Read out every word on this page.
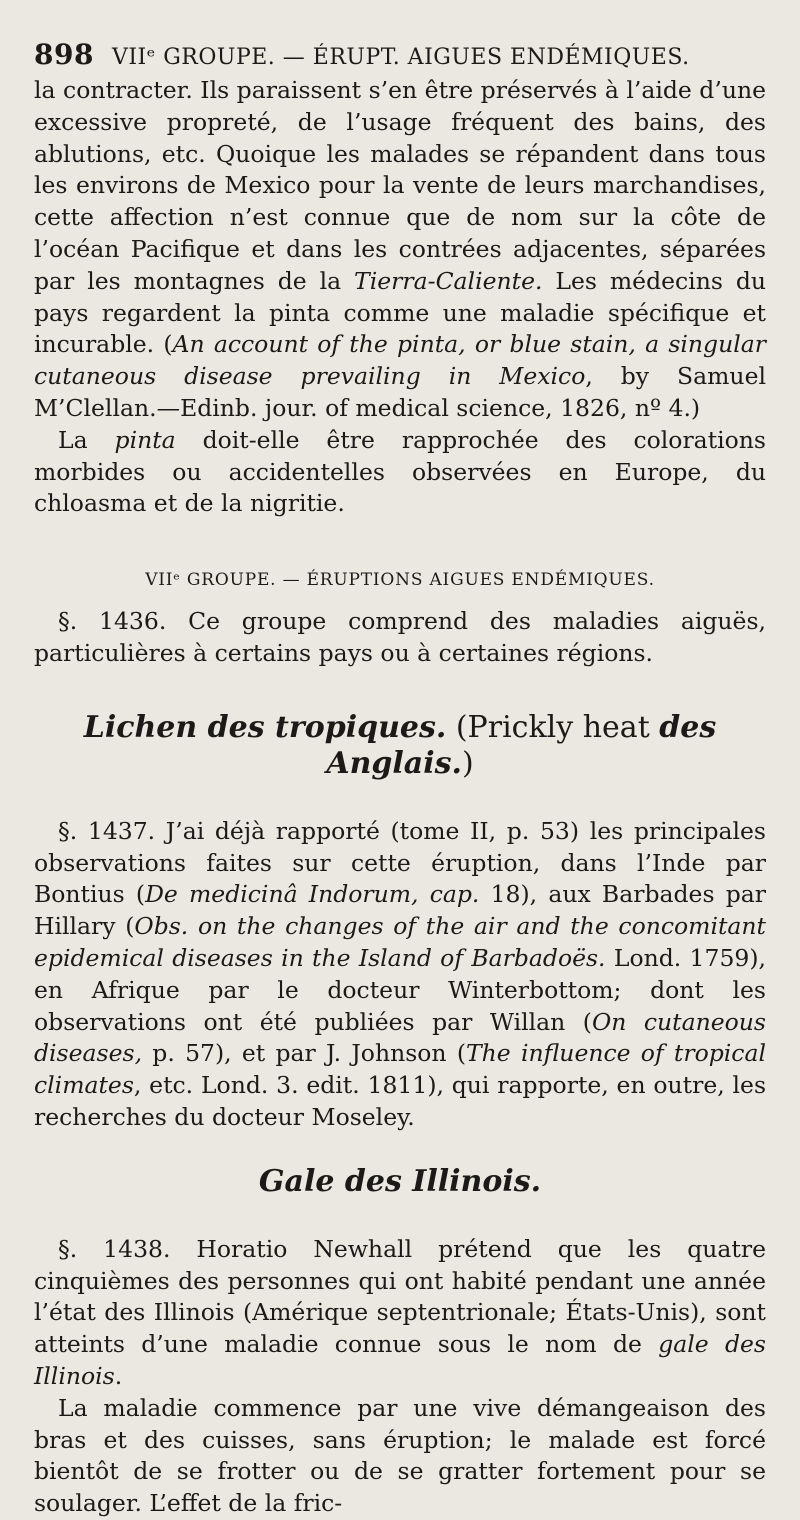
898 VIIᵉ GROUPE. — ÉRUPT. AIGUES ENDÉMIQUES.

la contracter. Ils paraissent s’en être préservés à l’aide d’une excessive propreté, de l’usage fréquent des bains, des ablutions, etc. Quoique les malades se répandent dans tous les environs de Mexico pour la vente de leurs marchandises, cette affection n’est connue que de nom sur la côte de l’océan Pacifique et dans les contrées adjacentes, séparées par les montagnes de la Tierra-Caliente. Les médecins du pays regardent la pinta comme une maladie spécifique et incurable. (An account of the pinta, or blue stain, a singular cutaneous disease prevailing in Mexico, by Samuel M’Clellan.—Edinb. jour. of medical science, 1826, nº 4.)

La pinta doit-elle être rapprochée des colorations morbides ou accidentelles observées en Europe, du chloasma et de la nigritie.

VIIᵉ GROUPE. — ÉRUPTIONS AIGUES ENDÉMIQUES.

§. 1436. Ce groupe comprend des maladies aiguës, particulières à certains pays ou à certaines régions.

Lichen des tropiques. (Prickly heat des Anglais.)

§. 1437. J’ai déjà rapporté (tome II, p. 53) les principales observations faites sur cette éruption, dans l’Inde par Bontius (De medicinâ Indorum, cap. 18), aux Barbades par Hillary (Obs. on the changes of the air and the concomitant epidemical diseases in the Island of Barbadoës. Lond. 1759), en Afrique par le docteur Winterbottom; dont les observations ont été publiées par Willan (On cutaneous diseases, p. 57), et par J. Johnson (The influence of tropical climates, etc. Lond. 3. edit. 1811), qui rapporte, en outre, les recherches du docteur Moseley.

Gale des Illinois.

§. 1438. Horatio Newhall prétend que les quatre cinquièmes des personnes qui ont habité pendant une année l’état des Illinois (Amérique septentrionale; États-Unis), sont atteints d’une maladie connue sous le nom de gale des Illinois.

La maladie commence par une vive démangeaison des bras et des cuisses, sans éruption; le malade est forcé bientôt de se frotter ou de se gratter fortement pour se soulager. L’effet de la fric-
